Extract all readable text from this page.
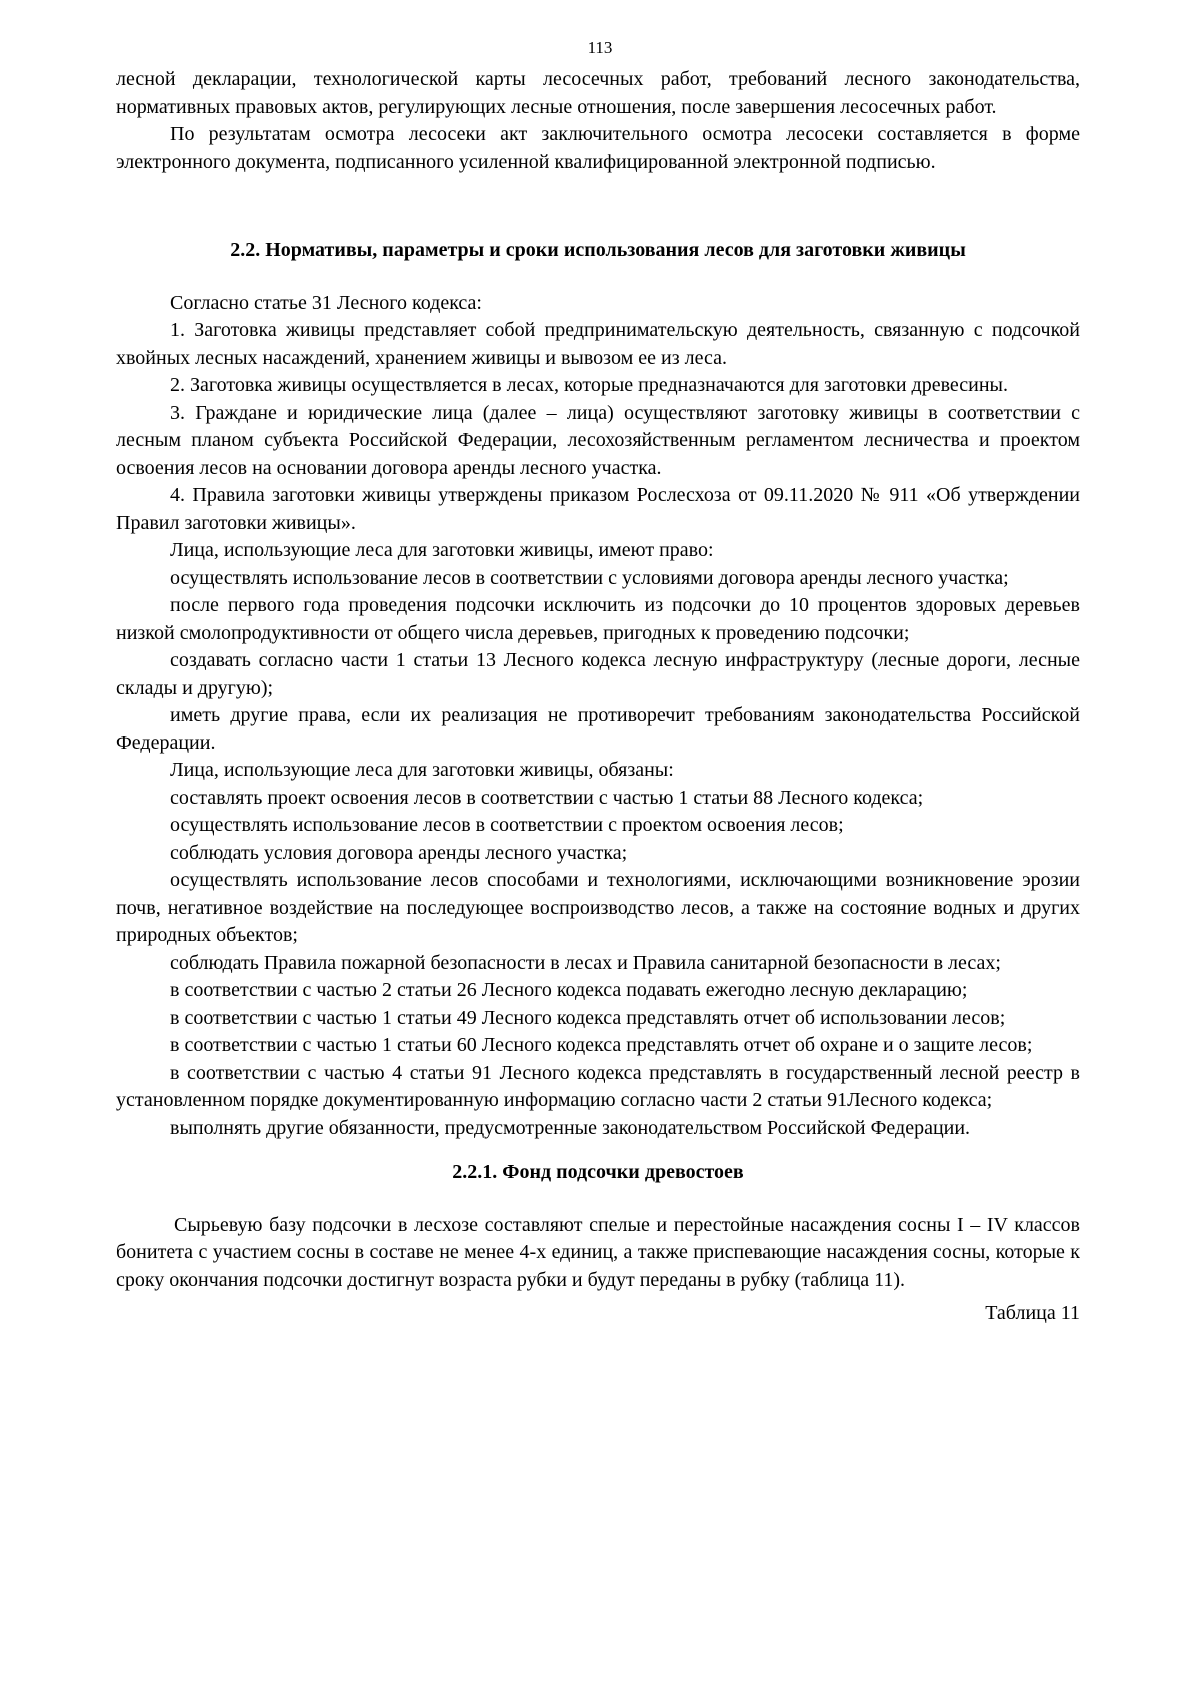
113

лесной декларации, технологической карты лесосечных работ, требований лесного законодательства, нормативных правовых актов, регулирующих лесные отношения, после завершения лесосечных работ.

По результатам осмотра лесосеки акт заключительного осмотра лесосеки составляется в форме электронного документа, подписанного усиленной квалифицированной электронной подписью.

2.2. Нормативы, параметры и сроки использования лесов для заготовки живицы

Согласно статье 31 Лесного кодекса:

1. Заготовка живицы представляет собой предпринимательскую деятельность, связанную с подсочкой хвойных лесных насаждений, хранением живицы и вывозом ее из леса.

2. Заготовка живицы осуществляется в лесах, которые предназначаются для заготовки древесины.

3. Граждане и юридические лица (далее – лица) осуществляют заготовку живицы в соответствии с лесным планом субъекта Российской Федерации, лесохозяйственным регламентом лесничества и проектом освоения лесов на основании договора аренды лесного участка.

4. Правила заготовки живицы утверждены приказом Рослесхоза от 09.11.2020 № 911 «Об утверждении Правил заготовки живицы».

Лица, использующие леса для заготовки живицы, имеют право:

осуществлять использование лесов в соответствии с условиями договора аренды лесного участка;

после первого года проведения подсочки исключить из подсочки до 10 процентов здоровых деревьев низкой смолопродуктивности от общего числа деревьев, пригодных к проведению подсочки;

создавать согласно части 1 статьи 13 Лесного кодекса лесную инфраструктуру (лесные дороги, лесные склады и другую);

иметь другие права, если их реализация не противоречит требованиям законодательства Российской Федерации.

Лица, использующие леса для заготовки живицы, обязаны:

составлять проект освоения лесов в соответствии с частью 1 статьи 88 Лесного кодекса;

осуществлять использование лесов в соответствии с проектом освоения лесов;

соблюдать условия договора аренды лесного участка;

осуществлять использование лесов способами и технологиями, исключающими возникновение эрозии почв, негативное воздействие на последующее воспроизводство лесов, а также на состояние водных и других природных объектов;

соблюдать Правила пожарной безопасности в лесах и Правила санитарной безопасности в лесах;

в соответствии с частью 2 статьи 26 Лесного кодекса подавать ежегодно лесную декларацию;

в соответствии с частью 1 статьи 49 Лесного кодекса представлять отчет об использовании лесов;

в соответствии с частью 1 статьи 60 Лесного кодекса представлять отчет об охране и о защите лесов;

в соответствии с частью 4 статьи 91 Лесного кодекса представлять в государственный лесной реестр в установленном порядке документированную информацию согласно части 2 статьи 91Лесного кодекса;

выполнять другие обязанности, предусмотренные законодательством Российской Федерации.

2.2.1. Фонд подсочки древостоев

Сырьевую базу подсочки в лесхозе составляют спелые и перестойные насаждения сосны I – IV классов бонитета с участием сосны в составе не менее 4-х единиц, а также приспевающие насаждения сосны, которые к сроку окончания подсочки достигнут возраста рубки и будут переданы в рубку (таблица 11).

Таблица 11
